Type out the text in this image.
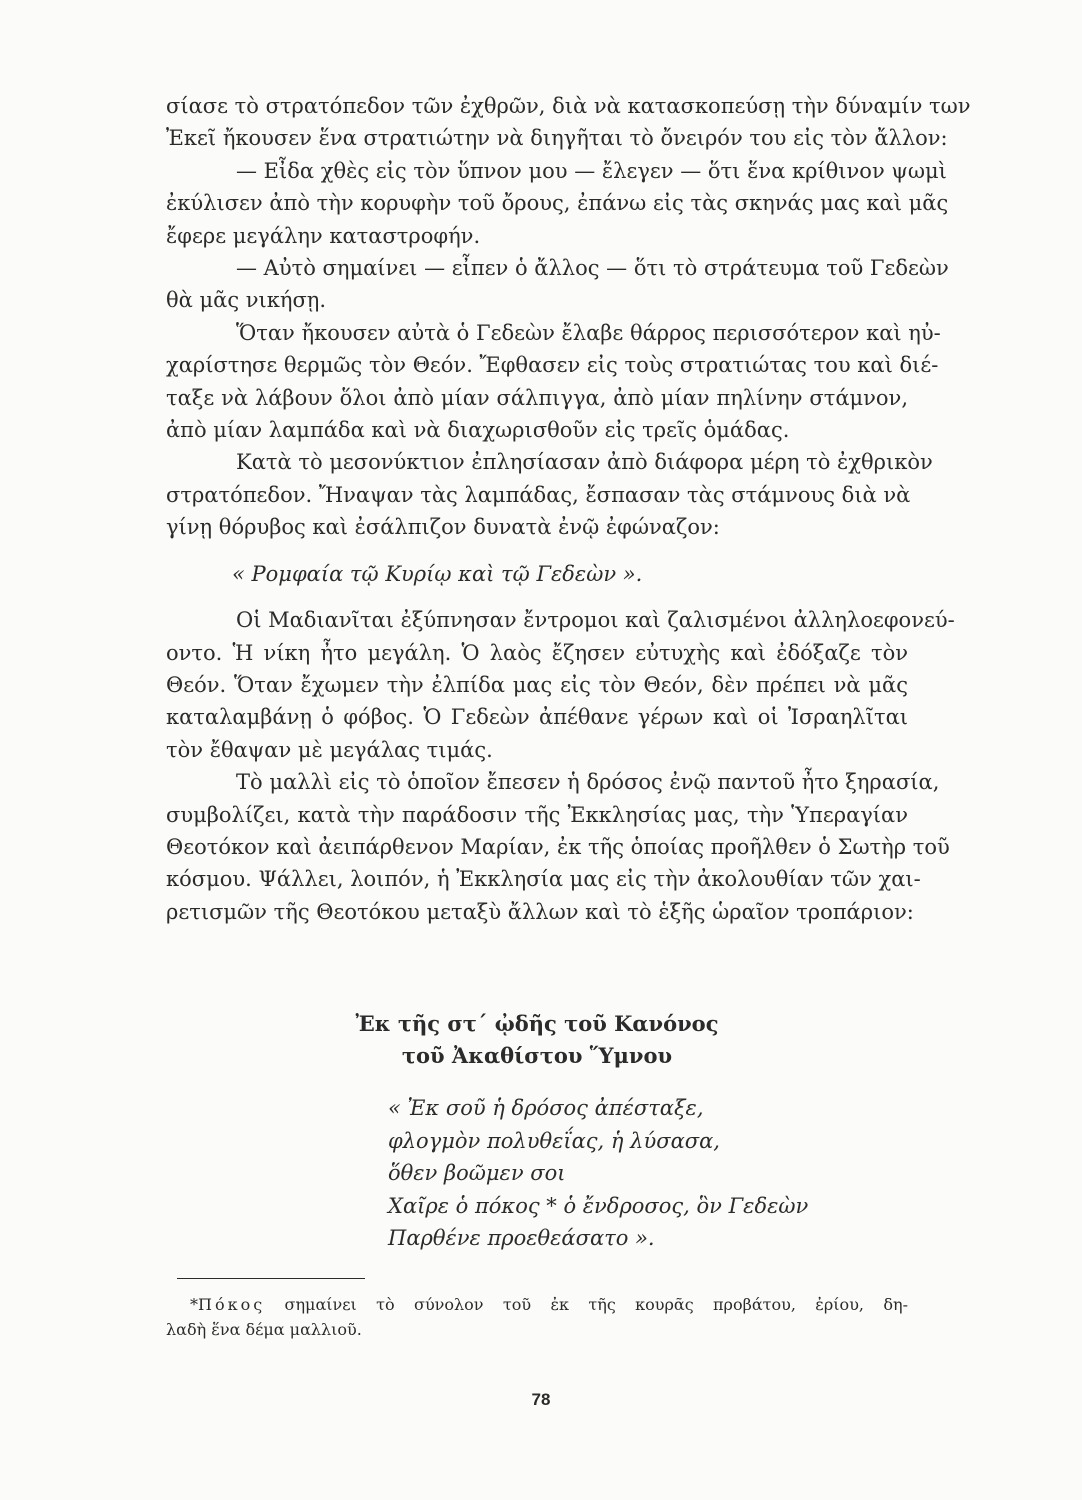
σίασε τὸ στρατόπεδον τῶν ἐχθρῶν, διὰ νὰ κατασκοπεύσῃ τὴν δύναμίν των
Ἐκεῖ ἤκουσεν ἕνα στρατιώτην νὰ διηγῆται τὸ ὄνειρόν του εἰς τὸν ἄλλον:
— Εἶδα χθὲς εἰς τὸν ὕπνον μου — ἔλεγεν — ὅτι ἕνα κρίθινον ψωμὶ
ἐκύλισεν ἀπὸ τὴν κορυφὴν τοῦ ὄρους, ἐπάνω εἰς τὰς σκηνάς μας καὶ μᾶς
ἔφερε μεγάλην καταστροφήν.
— Αὐτὸ σημαίνει — εἶπεν ὁ ἄλλος — ὅτι τὸ στράτευμα τοῦ Γεδεὼν
θὰ μᾶς νικήσῃ.
Ὅταν ἤκουσεν αὐτὰ ὁ Γεδεὼν ἔλαβε θάρρος περισσότερον καὶ ηὐ-
χαρίστησε θερμῶς τὸν Θεόν. Ἔφθασεν εἰς τοὺς στρατιώτας του καὶ διέ-
ταξε νὰ λάβουν ὅλοι ἀπὸ μίαν σάλπιγγα, ἀπὸ μίαν πηλίνην στάμνον,
ἀπὸ μίαν λαμπάδα καὶ νὰ διαχωρισθοῦν εἰς τρεῖς ὁμάδας.
Κατὰ τὸ μεσονύκτιον ἐπλησίασαν ἀπὸ διάφορα μέρη τὸ ἐχθρικὸν
στρατόπεδον. Ἤναψαν τὰς λαμπάδας, ἔσπασαν τὰς στάμνους διὰ νὰ
γίνῃ θόρυβος καὶ ἐσάλπιζον δυνατὰ ἐνῷ ἐφώναζον:
« Ρομφαία τῷ Κυρίῳ καὶ τῷ Γεδεὼν ».
Οἱ Μαδιανῖται ἐξύπνησαν ἔντρομοι καὶ ζαλισμένοι ἀλληλοεφονεύ-
οντο. Ἡ νίκη ἦτο μεγάλη. Ὁ λαὸς ἔζησεν εὐτυχὴς καὶ ἐδόξαζε τὸν
Θεόν. Ὅταν ἔχωμεν τὴν ἐλπίδα μας εἰς τὸν Θεόν, δὲν πρέπει νὰ μᾶς
καταλαμβάνῃ ὁ φόβος. Ὁ Γεδεὼν ἀπέθανε γέρων καὶ οἱ Ἰσραηλῖται
τὸν ἔθαψαν μὲ μεγάλας τιμάς.
Τὸ μαλλὶ εἰς τὸ ὁποῖον ἔπεσεν ἡ δρόσος ἐνῷ παντοῦ ἦτο ξηρασία,
συμβολίζει, κατὰ τὴν παράδοσιν τῆς Ἐκκλησίας μας, τὴν Ὑπεραγίαν
Θεοτόκον καὶ ἀειπάρθενον Μαρίαν, ἐκ τῆς ὁποίας προῆλθεν ὁ Σωτὴρ τοῦ
κόσμου. Ψάλλει, λοιπόν, ἡ Ἐκκλησία μας εἰς τὴν ἀκολουθίαν τῶν χαι-
ρετισμῶν τῆς Θεοτόκου μεταξὺ ἄλλων καὶ τὸ ἑξῆς ὡραῖον τροπάριον:
Ἐκ τῆς στ΄ ᾠδῆς τοῦ Κανόνος
τοῦ Ἀκαθίστου Ὕμνου
« Ἐκ σοῦ ἡ δρόσος ἀπέσταξε,
φλογμὸν πολυθεΐας, ἡ λύσασα,
ὅθεν βοῶμεν σοι
Χαῖρε ὁ πόκος * ὁ ἔνδροσος, ὃν Γεδεὼν
Παρθένε προεθεάσατο ».
*Πόκος σημαίνει τὸ σύνολον τοῦ ἐκ τῆς κουρᾶς προβάτου, ἐρίου, δη-
λαδὴ ἕνα δέμα μαλλιοῦ.
78
